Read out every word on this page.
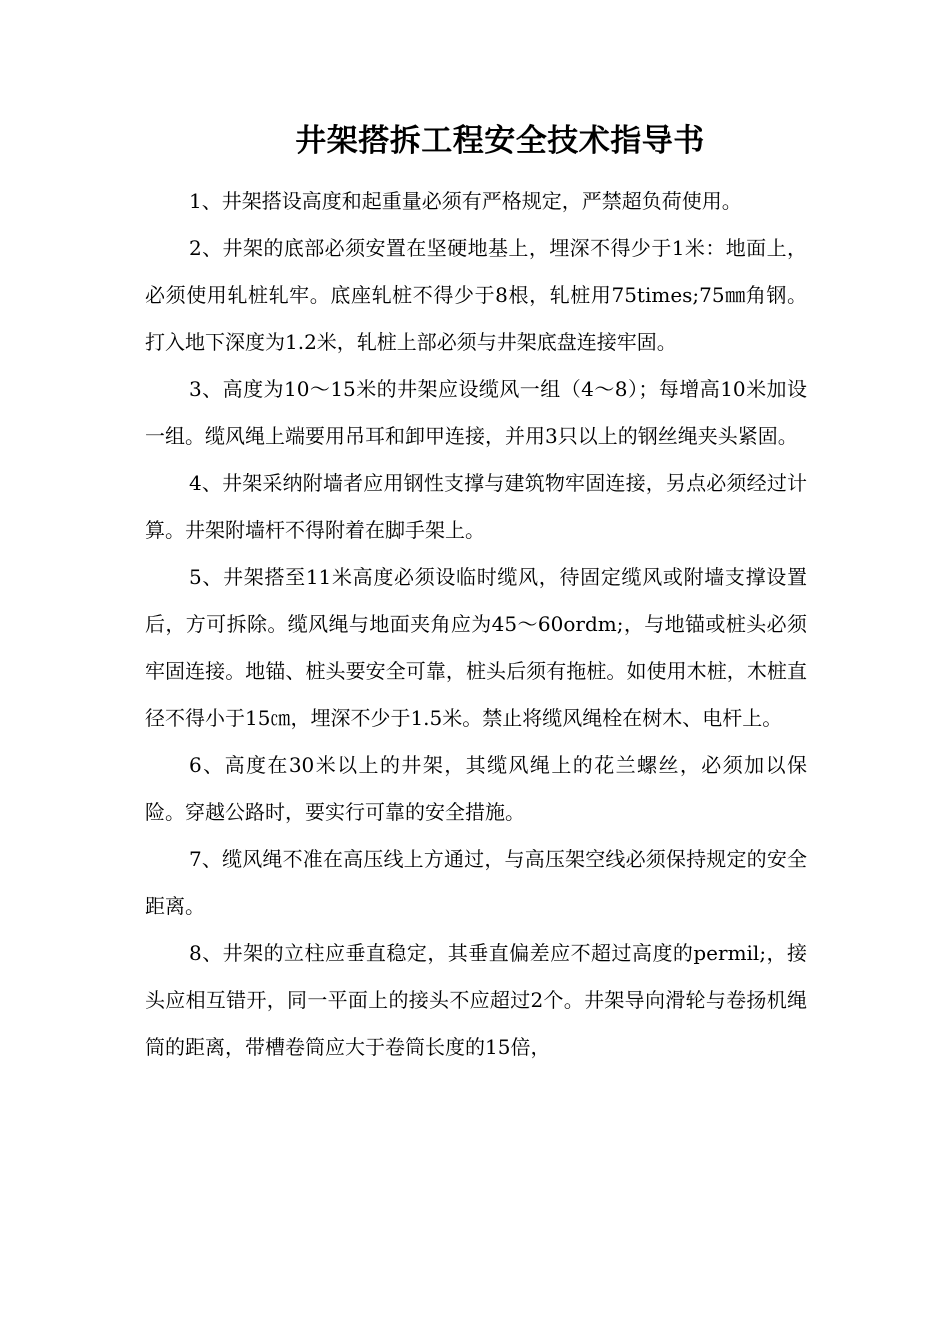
井架搭拆工程安全技术指导书

1、井架搭设高度和起重量必须有严格规定，严禁超负荷使用。

2、井架的底部必须安置在坚硬地基上，埋深不得少于1米：地面上，必须使用轧桩轧牢。底座轧桩不得少于8根，轧桩用75times;75㎜角钢。打入地下深度为1.2米，轧桩上部必须与井架底盘连接牢固。

3、高度为10～15米的井架应设缆风一组（4～8）；每增高10米加设一组。缆风绳上端要用吊耳和卸甲连接，并用3只以上的钢丝绳夹头紧固。

4、井架采纳附墙者应用钢性支撑与建筑物牢固连接，另点必须经过计算。井架附墙杆不得附着在脚手架上。

5、井架搭至11米高度必须设临时缆风，待固定缆风或附墙支撑设置后，方可拆除。缆风绳与地面夹角应为45～60ordm;，与地锚或桩头必须牢固连接。地锚、桩头要安全可靠，桩头后须有拖桩。如使用木桩，木桩直径不得小于15㎝，埋深不少于1.5米。禁止将缆风绳栓在树木、电杆上。

6、高度在30米以上的井架，其缆风绳上的花兰螺丝，必须加以保险。穿越公路时，要实行可靠的安全措施。

7、缆风绳不准在高压线上方通过，与高压架空线必须保持规定的安全距离。

8、井架的立柱应垂直稳定，其垂直偏差应不超过高度的permil;，接头应相互错开，同一平面上的接头不应超过2个。井架导向滑轮与卷扬机绳筒的距离，带槽卷筒应大于卷筒长度的15倍，
